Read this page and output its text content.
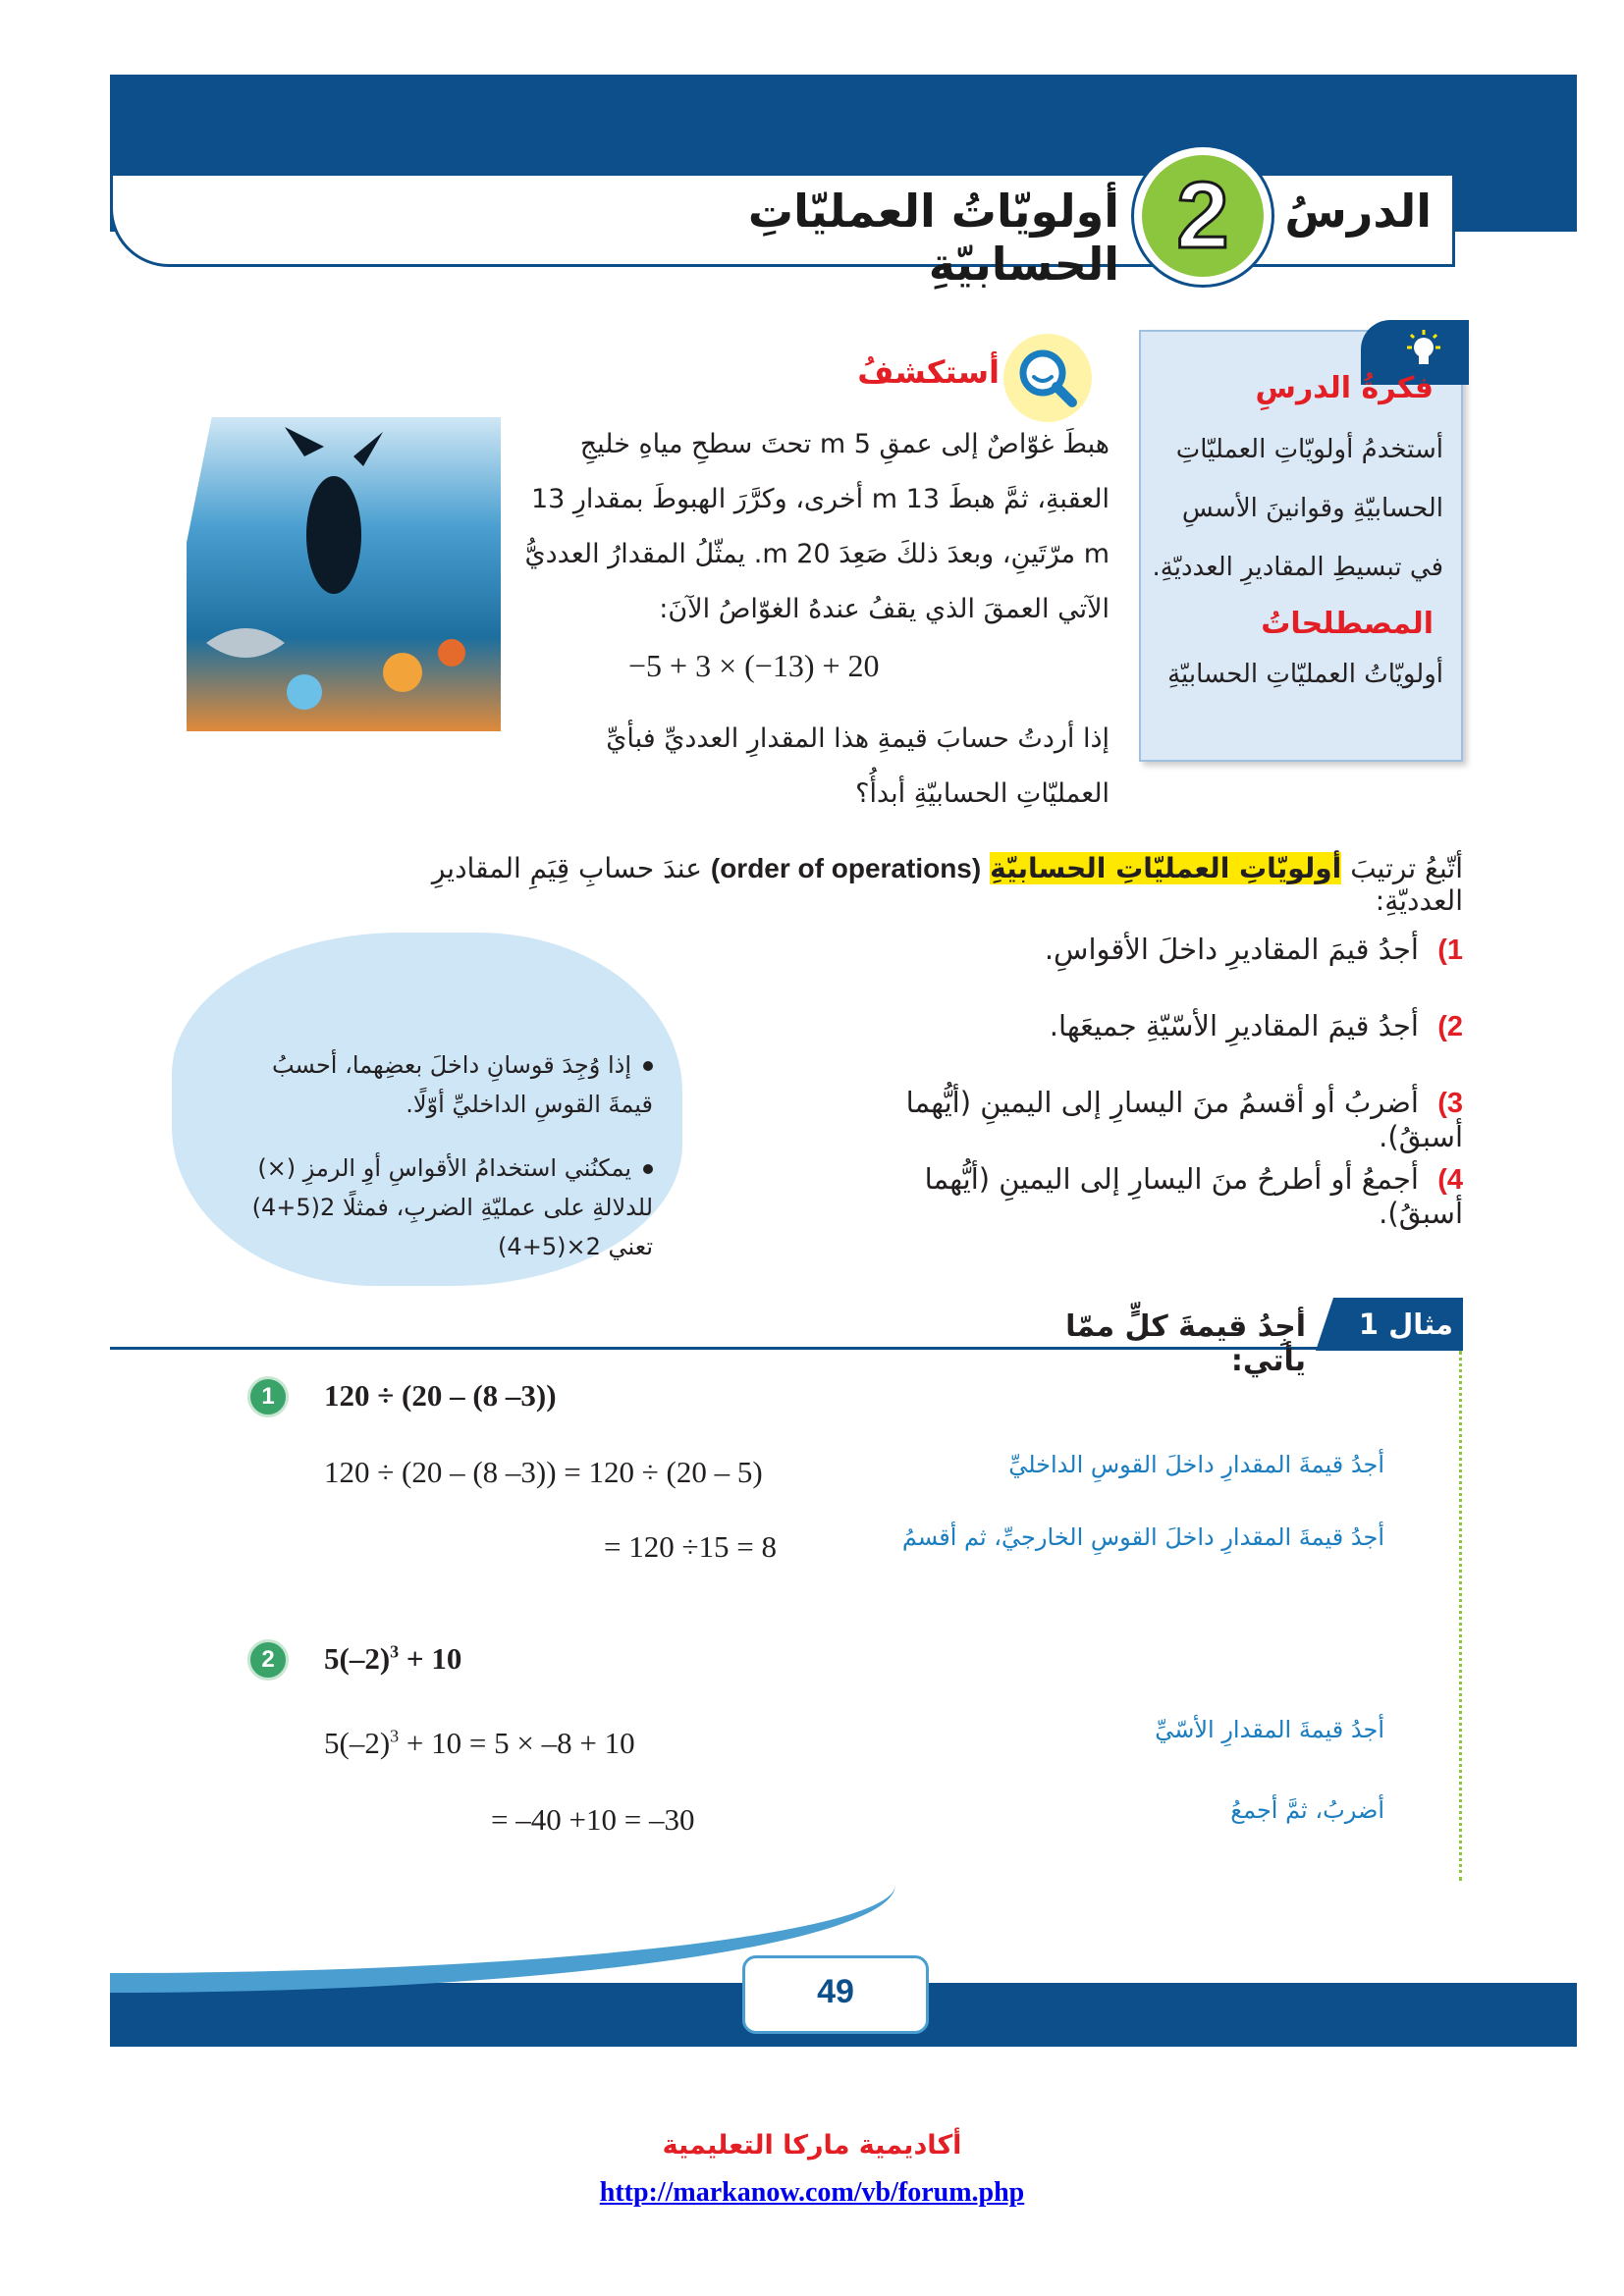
أولويّاتُ العمليّاتِ الحسابيّةِ
الدرسُ
2
أستكشفُ
هبطَ غوّاصٌ إلى عمقِ 5 m تحتَ سطحِ مياهِ خليجِ العقبةِ، ثمَّ هبطَ 13 m أخرى، وكرَّرَ الهبوطَ بمقدارِ 13 m مرّتَينِ، وبعدَ ذلكَ صَعِدَ 20 m. يمثّلُ المقدارُ العدديُّ الآتي العمقَ الذي يقفُ عندهُ الغوّاصُ الآنَ:
−5 + 3 × (−13) + 20
إذا أردتُ حسابَ قيمةِ هذا المقدارِ العدديِّ فبأيِّ العمليّاتِ الحسابيّةِ أبدأُ؟
فكرةُ الدرسِ
أستخدمُ أولويّاتِ العمليّاتِ الحسابيّةِ وقوانينَ الأسسِ في تبسيطِ المقاديرِ العدديّةِ.
المصطلحاتُ
أولويّاتُ العمليّاتِ الحسابيّةِ
أتّبعُ ترتيبَ أولويّاتِ العمليّاتِ الحسابيّةِ (order of operations) عندَ حسابِ قِيَمِ المقاديرِ العدديّةِ:
1) أجدُ قيمَ المقاديرِ داخلَ الأقواسِ.
2) أجدُ قيمَ المقاديرِ الأسّيّةِ جميعَها.
3) أضربُ أو أقسمُ منَ اليسارِ إلى اليمينِ (أيُّهما أسبقُ).
4) أجمعُ أو أطرحُ منَ اليسارِ إلى اليمينِ (أيُّهما أسبقُ).
إذا وُجِدَ قوسانِ داخلَ بعضِهما، أحسبُ قيمةَ القوسِ الداخليِّ أوّلًا.
يمكنُني استخدامُ الأقواسِ أوِ الرمزِ (×) للدلالةِ على عمليّةِ الضربِ، فمثلًا 2(5+4) تعني 2×(5+4)
مثال 1
أجِدُ قيمةَ كلٍّ ممّا يأتي:
1	120 ÷ (20 – (8 –3))
120 ÷ (20 – (8 –3)) = 120 ÷ (20 – 5)	أجدُ قيمةَ المقدارِ داخلَ القوسِ الداخليِّ
= 120 ÷15 = 8	أجدُ قيمةَ المقدارِ داخلَ القوسِ الخارجيِّ، ثم أقسمُ
2	$5(-2)^3 + 10$
$5(-2)^3 + 10 = 5 \times -8 + 10$	أجدُ قيمةَ المقدارِ الأسّيِّ
= –40 +10 = –30	أضربُ، ثمَّ أجمعُ
49
أكاديمية ماركا التعليمية
http://markanow.com/vb/forum.php
